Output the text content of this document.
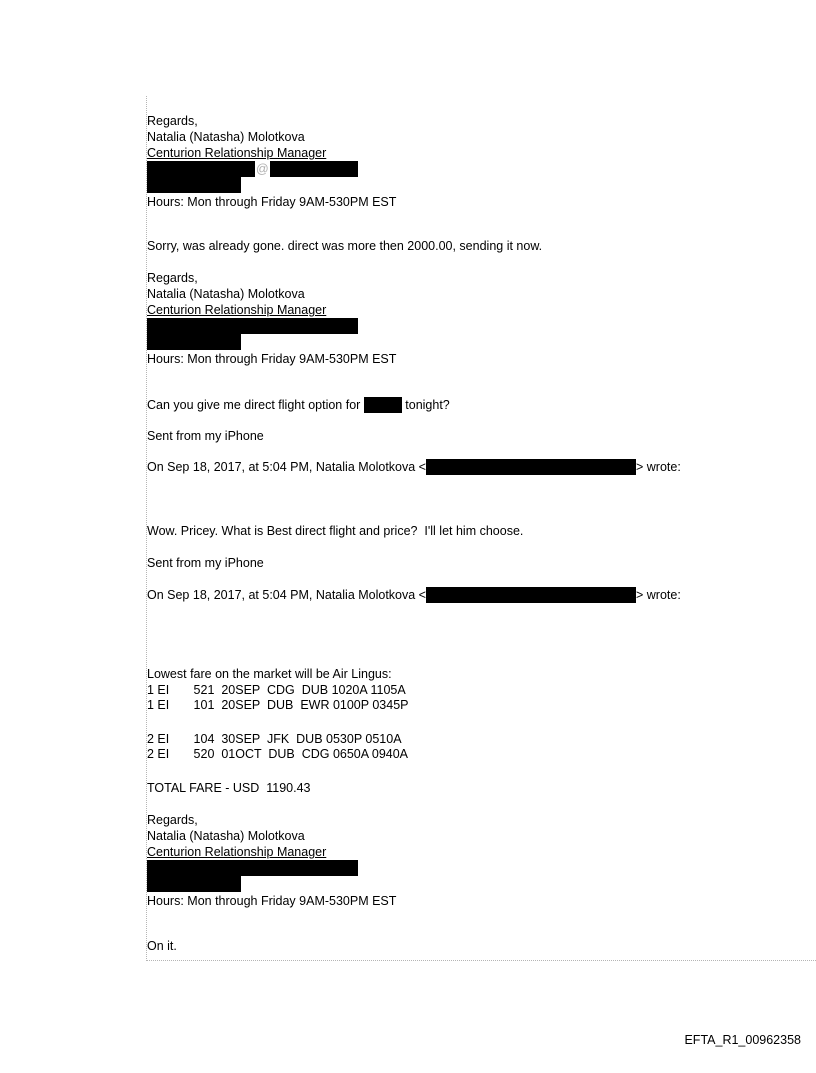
Regards,
Natalia (Natasha) Molotkova
Centurion Relationship Manager
@
Hours: Mon through Friday 9AM-530PM EST
Sorry, was already gone. direct was more then 2000.00, sending it now.
Regards,
Natalia (Natasha) Molotkova
Centurion Relationship Manager
Hours: Mon through Friday 9AM-530PM EST
Can you give me direct flight option for	tonight?
Sent from my iPhone
On Sep 18, 2017, at 5:04 PM, Natalia Molotkova <	> wrote:
Wow. Pricey. What is Best direct flight and price?  I'll let him choose.
Sent from my iPhone
On Sep 18, 2017, at 5:04 PM, Natalia Molotkova <	> wrote:
Lowest fare on the market will be Air Lingus:
1 EI       521  20SEP  CDG  DUB 1020A 1105A
1 EI       101  20SEP  DUB  EWR 0100P 0345P
2 EI       104  30SEP  JFK  DUB 0530P 0510A
2 EI       520  01OCT  DUB  CDG 0650A 0940A
TOTAL FARE - USD  1190.43
Regards,
Natalia (Natasha) Molotkova
Centurion Relationship Manager
Hours: Mon through Friday 9AM-530PM EST
On it.
EFTA_R1_00962358
